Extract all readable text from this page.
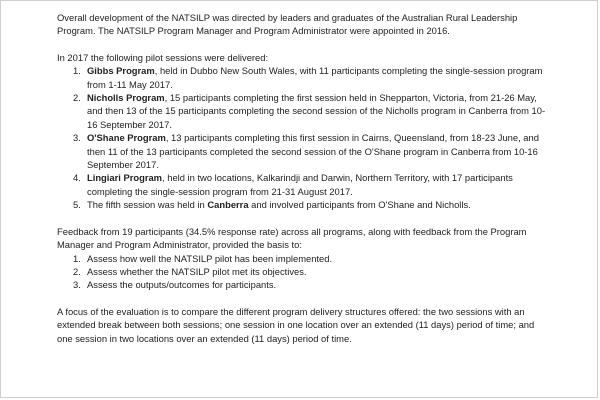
Overall development of the NATSILP was directed by leaders and graduates of the Australian Rural Leadership Program. The NATSILP Program Manager and Program Administrator were appointed in 2016.

In 2017 the following pilot sessions were delivered:

1. Gibbs Program, held in Dubbo New South Wales, with 11 participants completing the single-session program from 1-11 May 2017.
2. Nicholls Program, 15 participants completing the first session held in Shepparton, Victoria, from 21-26 May, and then 13 of the 15 participants completing the second session of the Nicholls program in Canberra from 10-16 September 2017.
3. O'Shane Program, 13 participants completing this first session in Cairns, Queensland, from 18-23 June, and then 11 of the 13 participants completed the second session of the O'Shane program in Canberra from 10-16 September 2017.
4. Lingiari Program, held in two locations, Kalkarindji and Darwin, Northern Territory, with 17 participants completing the single-session program from 21-31 August 2017.
5. The fifth session was held in Canberra and involved participants from O'Shane and Nicholls.

Feedback from 19 participants (34.5% response rate) across all programs, along with feedback from the Program Manager and Program Administrator, provided the basis to:

1. Assess how well the NATSILP pilot has been implemented.
2. Assess whether the NATSILP pilot met its objectives.
3. Assess the outputs/outcomes for participants.

A focus of the evaluation is to compare the different program delivery structures offered: the two sessions with an extended break between both sessions; one session in one location over an extended (11 days) period of time; and one session in two locations over an extended (11 days) period of time.
